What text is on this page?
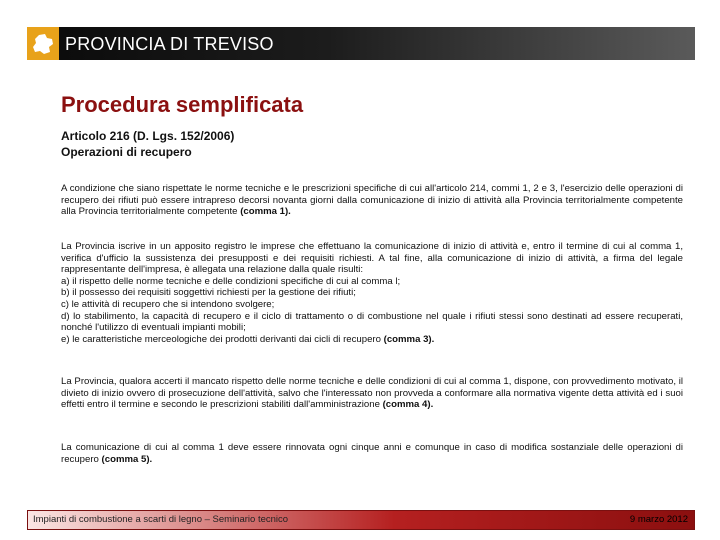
PROVINCIA DI TREVISO
Procedura semplificata

Articolo 216 (D. Lgs. 152/2006)

Operazioni di recupero

A condizione che siano rispettate le norme tecniche e le prescrizioni specifiche di cui all'articolo 214, commi 1, 2 e 3, l'esercizio delle operazioni di recupero dei rifiuti può essere intrapreso decorsi novanta giorni dalla comunicazione di inizio di attività alla Provincia territorialmente competente alla Provincia territorialmente competente (comma 1).

La Provincia iscrive in un apposito registro le imprese che effettuano la comunicazione di inizio di attività e, entro il termine di cui al comma 1, verifica d'ufficio la sussistenza dei presupposti e dei requisiti richiesti. A tal fine, alla comunicazione di inizio di attività, a firma del legale rappresentante dell'impresa, è allegata una relazione dalla quale risulti:

a) il rispetto delle norme tecniche e delle condizioni specifiche di cui al comma l;

b) il possesso dei requisiti soggettivi richiesti per la gestione dei rifiuti;

c) le attività di recupero che si intendono svolgere;

d) lo stabilimento, la capacità di recupero e il ciclo di trattamento o di combustione nel quale i rifiuti stessi sono destinati ad essere recuperati, nonché l'utilizzo di eventuali impianti mobili;

e) le caratteristiche merceologiche dei prodotti derivanti dai cicli di recupero (comma 3).

La Provincia, qualora accerti il mancato rispetto delle norme tecniche e delle condizioni di cui al comma 1, dispone, con provvedimento motivato, il divieto di inizio ovvero di prosecuzione dell'attività, salvo che l'interessato non provveda a conformare alla normativa vigente detta attività ed i suoi effetti entro il termine e secondo le prescrizioni stabiliti dall'amministrazione (comma 4).

La comunicazione di cui al comma 1 deve essere rinnovata ogni cinque anni e comunque in caso di modifica sostanziale delle operazioni di recupero (comma 5).

Impianti di combustione a scarti di legno – Seminario tecnico	9 marzo 2012
